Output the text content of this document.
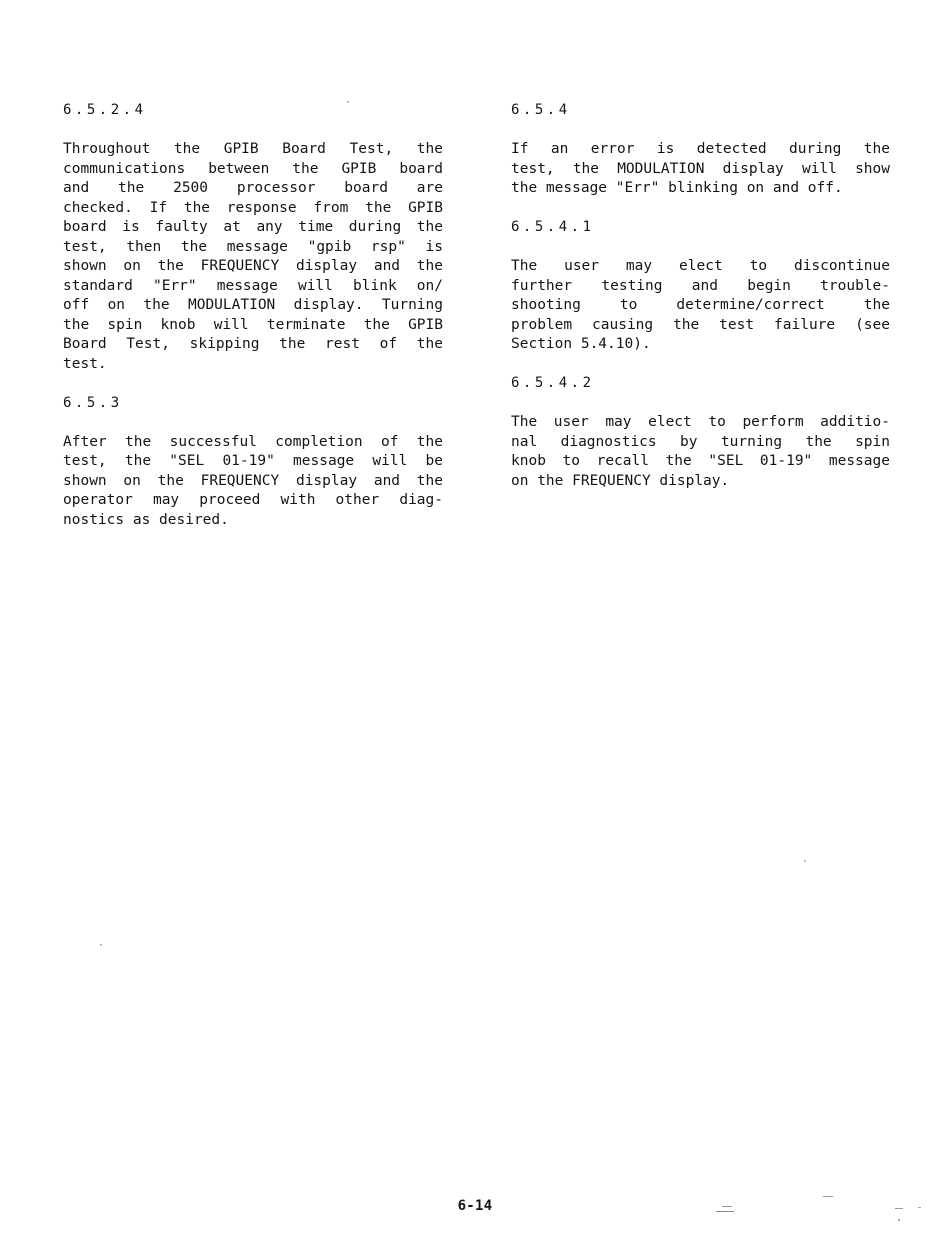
6.5.2.4

Throughout the GPIB Board Test, the
communications between the GPIB board
and the 2500 processor board are
checked. If the response from the GPIB
board is faulty at any time during the
test, then the message "gpib rsp" is
shown on the FREQUENCY display and the
standard "Err" message will blink on/
off on the MODULATION display. Turning
the spin knob will terminate the GPIB
Board Test, skipping the rest of the
test.

6.5.3

After the successful completion of the
test, the "SEL 01-19" message will be
shown on the FREQUENCY display and the
operator may proceed with other diag-
nostics as desired.

6.5.4

If an error is detected during the
test, the MODULATION display will show
the message "Err" blinking on and off.

6.5.4.1

The user may elect to discontinue
further testing and begin trouble-
shooting to determine/correct the
problem causing the test failure (see
Section 5.4.10).

6.5.4.2

The user may elect to perform additio-
nal diagnostics by turning the spin
knob to recall the "SEL 01-19" message
on the FREQUENCY display.

6-14
